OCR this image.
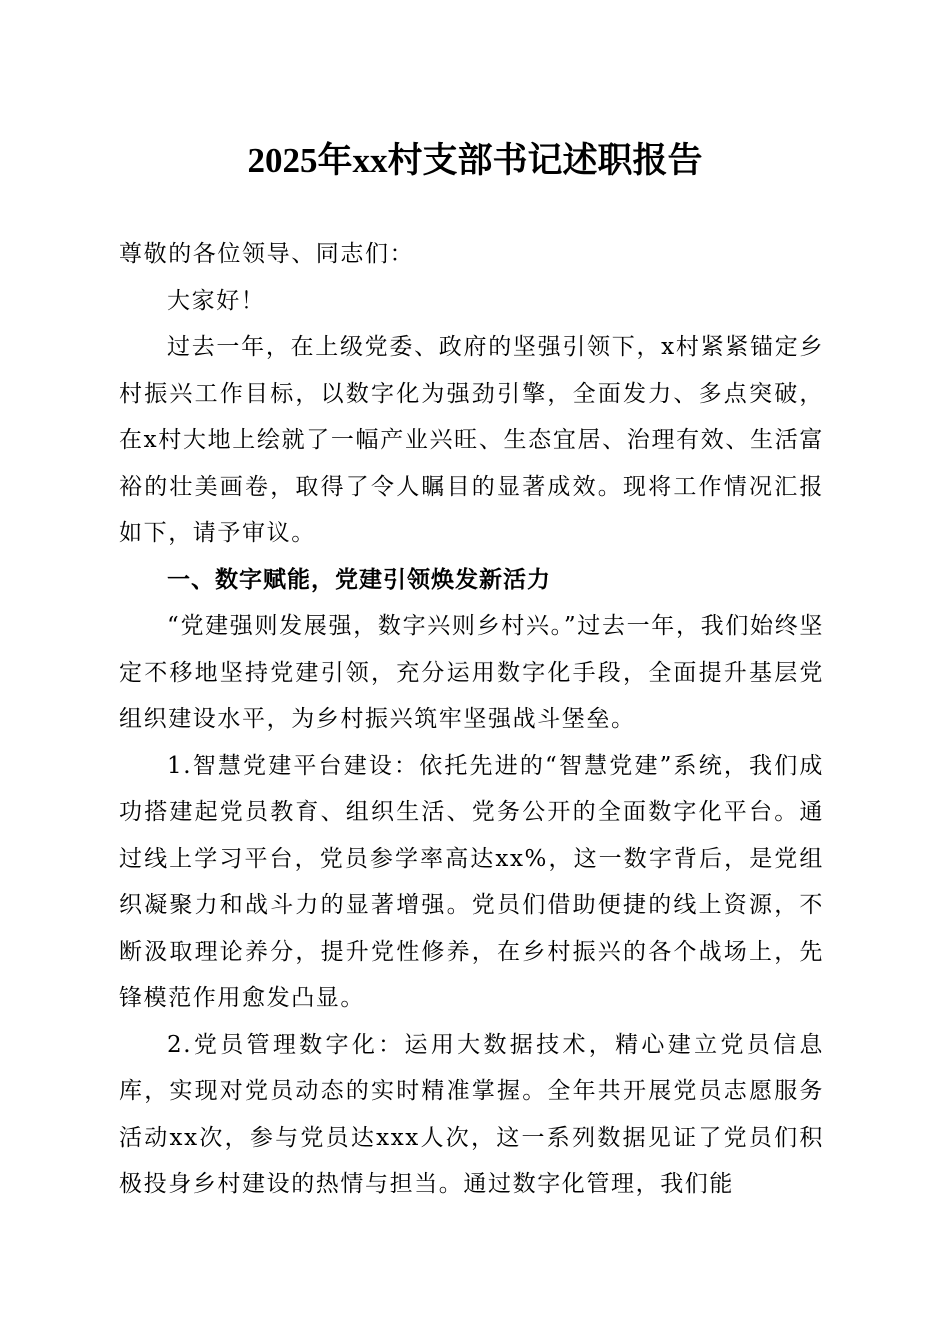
2025年xx村支部书记述职报告

尊敬的各位领导、同志们：

大家好！

过去一年，在上级党委、政府的坚强引领下，x村紧紧锚定乡村振兴工作目标，以数字化为强劲引擎，全面发力、多点突破，在x村大地上绘就了一幅产业兴旺、生态宜居、治理有效、生活富裕的壮美画卷，取得了令人瞩目的显著成效。现将工作情况汇报如下，请予审议。

一、数字赋能，党建引领焕发新活力

“党建强则发展强，数字兴则乡村兴。”过去一年，我们始终坚定不移地坚持党建引领，充分运用数字化手段，全面提升基层党组织建设水平，为乡村振兴筑牢坚强战斗堡垒。

1.智慧党建平台建设：依托先进的“智慧党建”系统，我们成功搭建起党员教育、组织生活、党务公开的全面数字化平台。通过线上学习平台，党员参学率高达xx%，这一数字背后，是党组织凝聚力和战斗力的显著增强。党员们借助便捷的线上资源，不断汲取理论养分，提升党性修养，在乡村振兴的各个战场上，先锋模范作用愈发凸显。

2.党员管理数字化：运用大数据技术，精心建立党员信息库，实现对党员动态的实时精准掌握。全年共开展党员志愿服务活动xx次，参与党员达xxx人次，这一系列数据见证了党员们积极投身乡村建设的热情与担当。通过数字化管理，我们能
